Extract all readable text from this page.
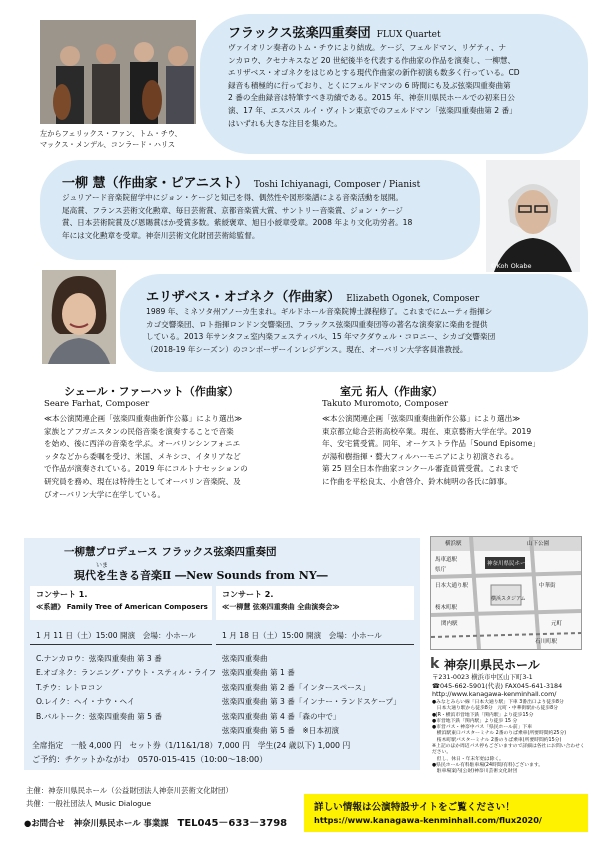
左からフェリックス・ファン、トム・チウ、
マックス・メンデル、コンラード・ハリス
フラックス弦楽四重奏団 FLUX Quartet
ヴァイオリン奏者のトム・チウにより結成。ケージ、フェルドマン、リゲティ、ナ
ンカロウ、クセナキスなど 20 世紀後半を代表する作曲家の作品を演奏し、一柳慧、
エリザベス・オゴネクをはじめとする現代作曲家の新作初演も数多く行っている。CD
録音も積極的に行っており、とくにフェルドマンの 6 時間にも及ぶ弦楽四重奏曲第
2 番の全曲録音は特筆すべき功績である。2015 年、神奈川県民ホールでの初来日公
演、17 年、エスパス ルイ・ヴィトン東京でのフェルドマン「弦楽四重奏曲第 2 番」
はいずれも大きな注目を集めた。
一柳 慧（作曲家・ピアニスト） Toshi Ichiyanagi, Composer / Pianist
ジュリアード音楽院留学中にジョン・ケージと知己を得、偶然性や図形楽譜による音楽活動を展開。
尾高賞、フランス芸術文化勲章、毎日芸術賞、京都音楽賞大賞、サントリー音楽賞、ジョン・ケージ
賞、日本芸術院賞及び恩賜賞ほか受賞多数。紫綬褒章、旭日小綬章受章。2008 年より文化功労者。18
年には文化勲章を受章。神奈川芸術文化財団芸術総監督。
©Koh Okabe
エリザベス・オゴネク（作曲家） Elizabeth Ogonek, Composer
1989 年、ミネソタ州アノーカ生まれ。ギルドホール音楽院博士課程修了。これまでにムーティ指揮シ
カゴ交響楽団、ロト指揮ロンドン交響楽団、フラックス弦楽四重奏団等の著名な演奏家に楽曲を提供
している。2013 年サンタフェ室内楽フェスティバル、15 年マクダウェル・コロニー、シカゴ交響楽団
（2018-19 年シーズン）のコンポーザーインレジデンス。現在、オーバリン大学客員准教授。
シェール・ファーハット（作曲家）
Seare Farhat, Composer
≪本公演関連企画「弦楽四重奏曲新作公募」により選出≫
家族とアフガニスタンの民俗音楽を演奏することで音楽
を始め、後に西洋の音楽を学ぶ。オーバリンシンフォニエ
ッタなどから委嘱を受け、米国、メキシコ、イタリアなど
で作品が演奏されている。2019 年にコルトナセッションの
研究員を務め、現在は特待生としてオーバリン音楽院、及
びオーバリン大学に在学している。
室元 拓人（作曲家）
Takuto Muromoto, Composer
≪本公演関連企画「弦楽四重奏曲新作公募」により選出≫
東京都立総合芸術高校卒業。現在、東京藝術大学在学。2019
年、安宅賞受賞。同年、オーケストラ作品「Sound Episome」
が湯和樹指揮・藝大フィルハーモニアにより初演される。
第 25 回全日本作曲家コンクール審査員賞受賞。これまで
に作曲を平松良太、小倉啓介、鈴木純明の各氏に師事。
一柳慧プロデュース フラックス弦楽四重奏団
いま
現代を生きる音楽Ⅱ ―New Sounds from NY―
コンサート 1.
≪系譜》 Family Tree of American Composers
コンサート 2.
≪一柳慧 弦楽四重奏曲 全曲演奏会≫
1 月 11 日（土）15:00 開演　会場：小ホール	1 月 18 日（土）15:00 開演　会場：小ホール
C.ナンカロウ：弦楽四重奏曲 第 3 番
E.オゴネク：ランニング・アウト・スティル・ライフ
T.チウ：レトロコン
O.レイク：ヘイ・ナウ・ヘイ
B.バルトーク：弦楽四重奏曲 第 5 番
弦楽四重奏曲
弦楽四重奏曲 第 1 番
弦楽四重奏曲 第 2 番「インタースペース」
弦楽四重奏曲 第 3 番「インナー・ランドスケープ」
弦楽四重奏曲 第 4 番「森の中で」
弦楽四重奏曲 第 5 番　※日本初演
全席指定　一般 4,000 円　セット券（1/11&1/18）7,000 円　学生(24 歳以下) 1,000 円
ご予約：チケットかながわ　0570-015-415（10:00～18:00）
横浜駅	山下公園
神奈川県民ホール
中華街
元町
石川町駅
関内駅
日本大通り駅
横浜スタジアム
県庁
馬車道駅
桜木町駅
k 神奈川県民ホール
〒231-0023 横浜市中区山下町3-1
☎045-662-5901(代表) FAX045-641-3184
http://www.kanagawa-kenminhall.com/
●みなとみらい線「日本大通り駅」下車 3番出口より徒歩8分
　日本大通り駅から徒歩8分　元町・中華街駅から徒歩8分
●JR・横浜市営地下鉄「関内駅」より徒歩15分
●市営地下鉄「関内駅」より徒歩 15 分
●市営バス・神奈中バス「県民ホール前」下車
　横浜駅東口バスターミナル 2番のりば乗車(所要時間約25分)
　桜木町駅バスターミナル 2番のりば乗車(所要時間約15分)
※上記のほか周辺バス停もございますので詳細は各社にお問い合わせください。
　但し、休日・年末年始は除く。
●県民ホール有料駐車場(24時間/有料)ございます。
　駐車場案内(公財)神奈川芸術文化財団
主催：神奈川県民ホール（公益財団法人神奈川芸術文化財団）
共催：一般社団法人 Music Dialogue
●お問合せ 神奈川県民ホール 事業課 TEL045－633－3798
詳しい情報は公演特設サイトをご覧ください！
https://www.kanagawa-kenminhall.com/flux2020/
